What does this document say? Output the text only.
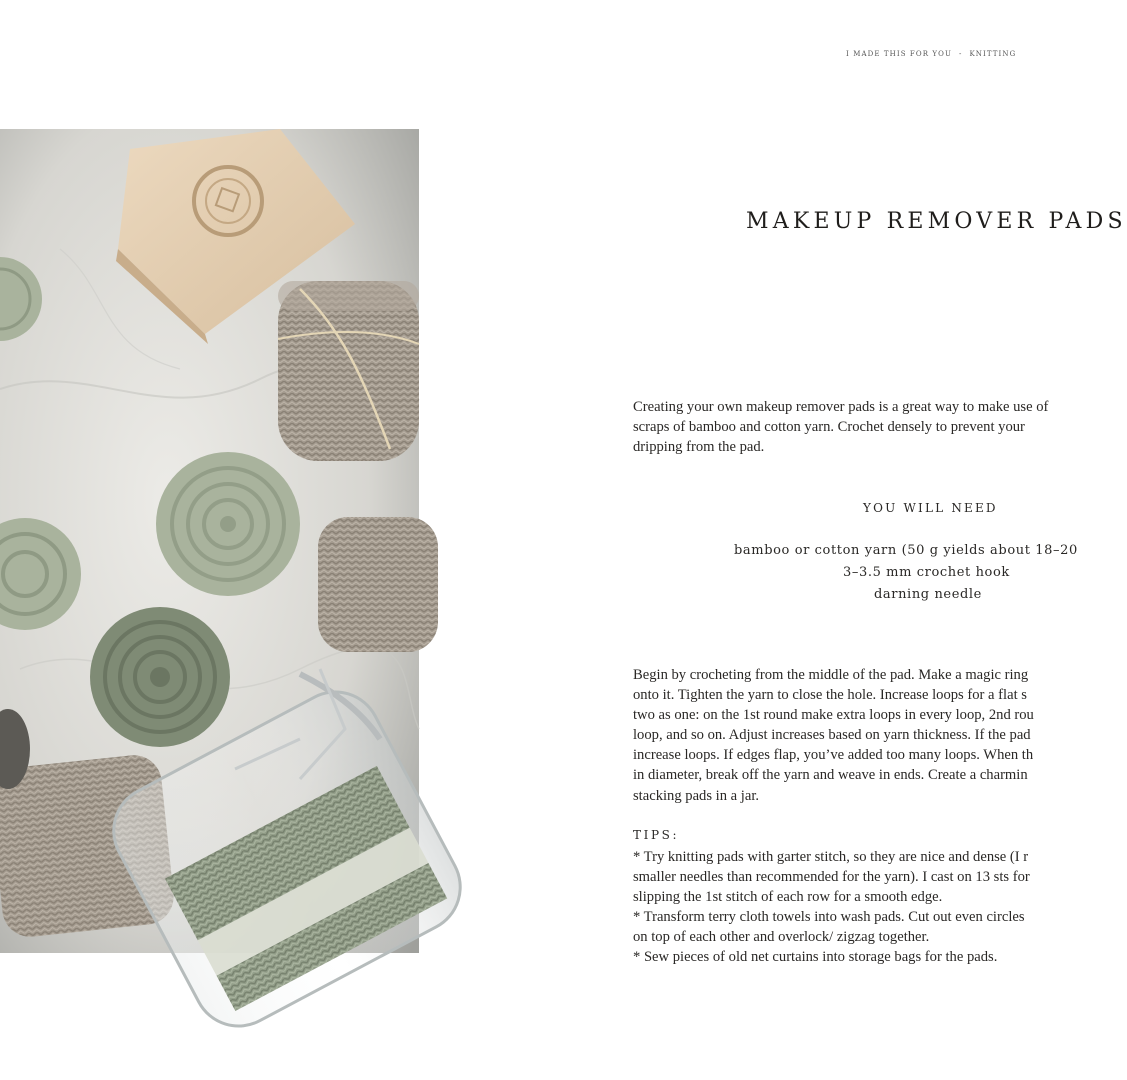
I MADE THIS FOR YOU - KNITTING
MAKEUP REMOVER PADS
Creating your own makeup remover pads is a great way to make use of
scraps of bamboo and cotton yarn. Crochet densely to prevent your
dripping from the pad.
YOU WILL NEED
bamboo or cotton yarn (50 g yields about 18–20
3–3.5 mm crochet hook
darning needle
Begin by crocheting from the middle of the pad. Make a magic ring
onto it. Tighten the yarn to close the hole. Increase loops for a flat s
two as one: on the 1st round make extra loops in every loop, 2nd rou
loop, and so on. Adjust increases based on yarn thickness. If the pad
increase loops. If edges flap, you’ve added too many loops. When th
in diameter, break off the yarn and weave in ends. Create a charmin
stacking pads in a jar.
TIPS:
* Try knitting pads with garter stitch, so they are nice and dense (I r
smaller needles than recommended for the yarn). I cast on 13 sts for
slipping the 1st stitch of each row for a smooth edge.
* Transform terry cloth towels into wash pads. Cut out even circles
on top of each other and overlock/ zigzag together.
* Sew pieces of old net curtains into storage bags for the pads.
